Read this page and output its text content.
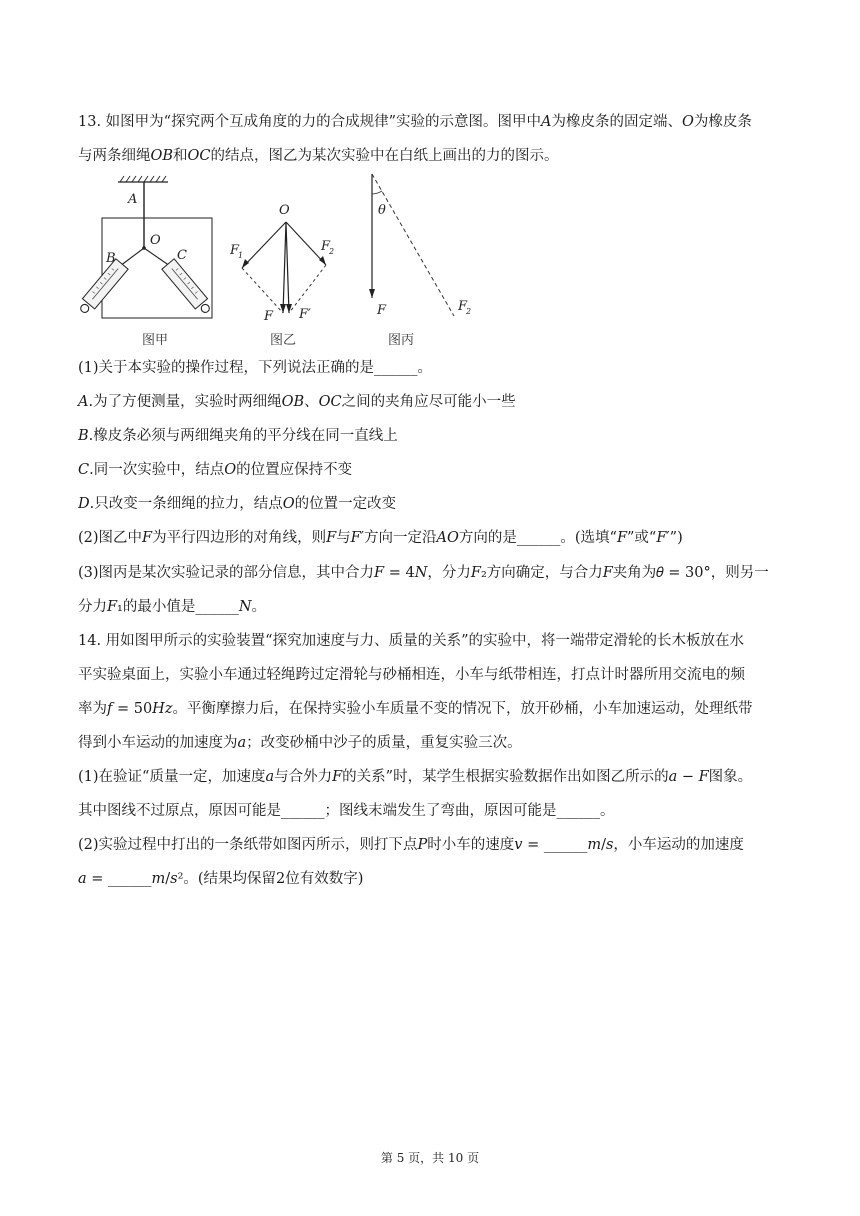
13. 如图甲为“探究两个互成角度的力的合成规律”实验的示意图。图甲中𝐴为橡皮条的固定端、𝑂为橡皮条
与两条细绳𝑂𝐵和𝑂𝐶的结点，图乙为某次实验中在白纸上画出的力的图示。
A
O
B	C
图甲
O
F
1
F
2
F F′
图乙
θ
F	F
2
图丙
(1)关于本实验的操作过程，下列说法正确的是______。
𝐴.为了方便测量，实验时两细绳𝑂𝐵、𝑂𝐶之间的夹角应尽可能小一些
𝐵.橡皮条必须与两细绳夹角的平分线在同一直线上
𝐶.同一次实验中，结点𝑂的位置应保持不变
𝐷.只改变一条细绳的拉力，结点𝑂的位置一定改变
(2)图乙中𝐹为平行四边形的对角线，则𝐹与𝐹′方向一定沿𝐴𝑂方向的是______。(选填“𝐹”或“𝐹′”)
(3)图丙是某次实验记录的部分信息，其中合力𝐹 = 4𝑁，分力𝐹₂方向确定，与合力𝐹夹角为𝜃 = 30°，则另一
分力𝐹₁的最小值是______𝑁。
14. 用如图甲所示的实验装置“探究加速度与力、质量的关系”的实验中，将一端带定滑轮的长木板放在水
平实验桌面上，实验小车通过轻绳跨过定滑轮与砂桶相连，小车与纸带相连，打点计时器所用交流电的频
率为𝑓 = 50𝐻𝑧。平衡摩擦力后，在保持实验小车质量不变的情况下，放开砂桶，小车加速运动，处理纸带
得到小车运动的加速度为𝑎；改变砂桶中沙子的质量，重复实验三次。
(1)在验证“质量一定，加速度𝑎与合外力𝐹的关系”时，某学生根据实验数据作出如图乙所示的𝑎 − 𝐹图象。
其中图线不过原点，原因可能是______；图线末端发生了弯曲，原因可能是______。
(2)实验过程中打出的一条纸带如图丙所示，则打下点𝑃时小车的速度𝑣 = ______𝑚/𝑠，小车运动的加速度
𝑎 = ______𝑚/𝑠²。(结果均保留2位有效数字)
第 5 页，共 10 页
